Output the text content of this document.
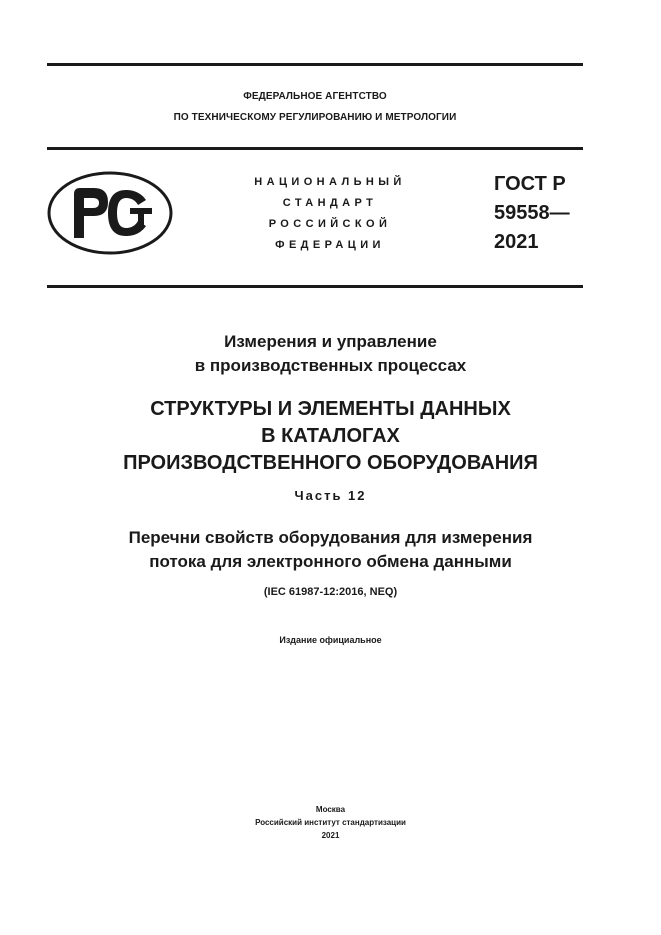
ФЕДЕРАЛЬНОЕ АГЕНТСТВО
ПО ТЕХНИЧЕСКОМУ РЕГУЛИРОВАНИЮ И МЕТРОЛОГИИ
НАЦИОНАЛЬНЫЙ
СТАНДАРТ
РОССИЙСКОЙ
ФЕДЕРАЦИИ
ГОСТ Р
59558—
2021
Измерения и управление
в производственных процессах
СТРУКТУРЫ И ЭЛЕМЕНТЫ ДАННЫХ
В КАТАЛОГАХ
ПРОИЗВОДСТВЕННОГО ОБОРУДОВАНИЯ
Часть 12
Перечни свойств оборудования для измерения
потока для электронного обмена данными
(IEC 61987-12:2016, NEQ)
Издание официальное
Москва
Российский институт стандартизации
2021
